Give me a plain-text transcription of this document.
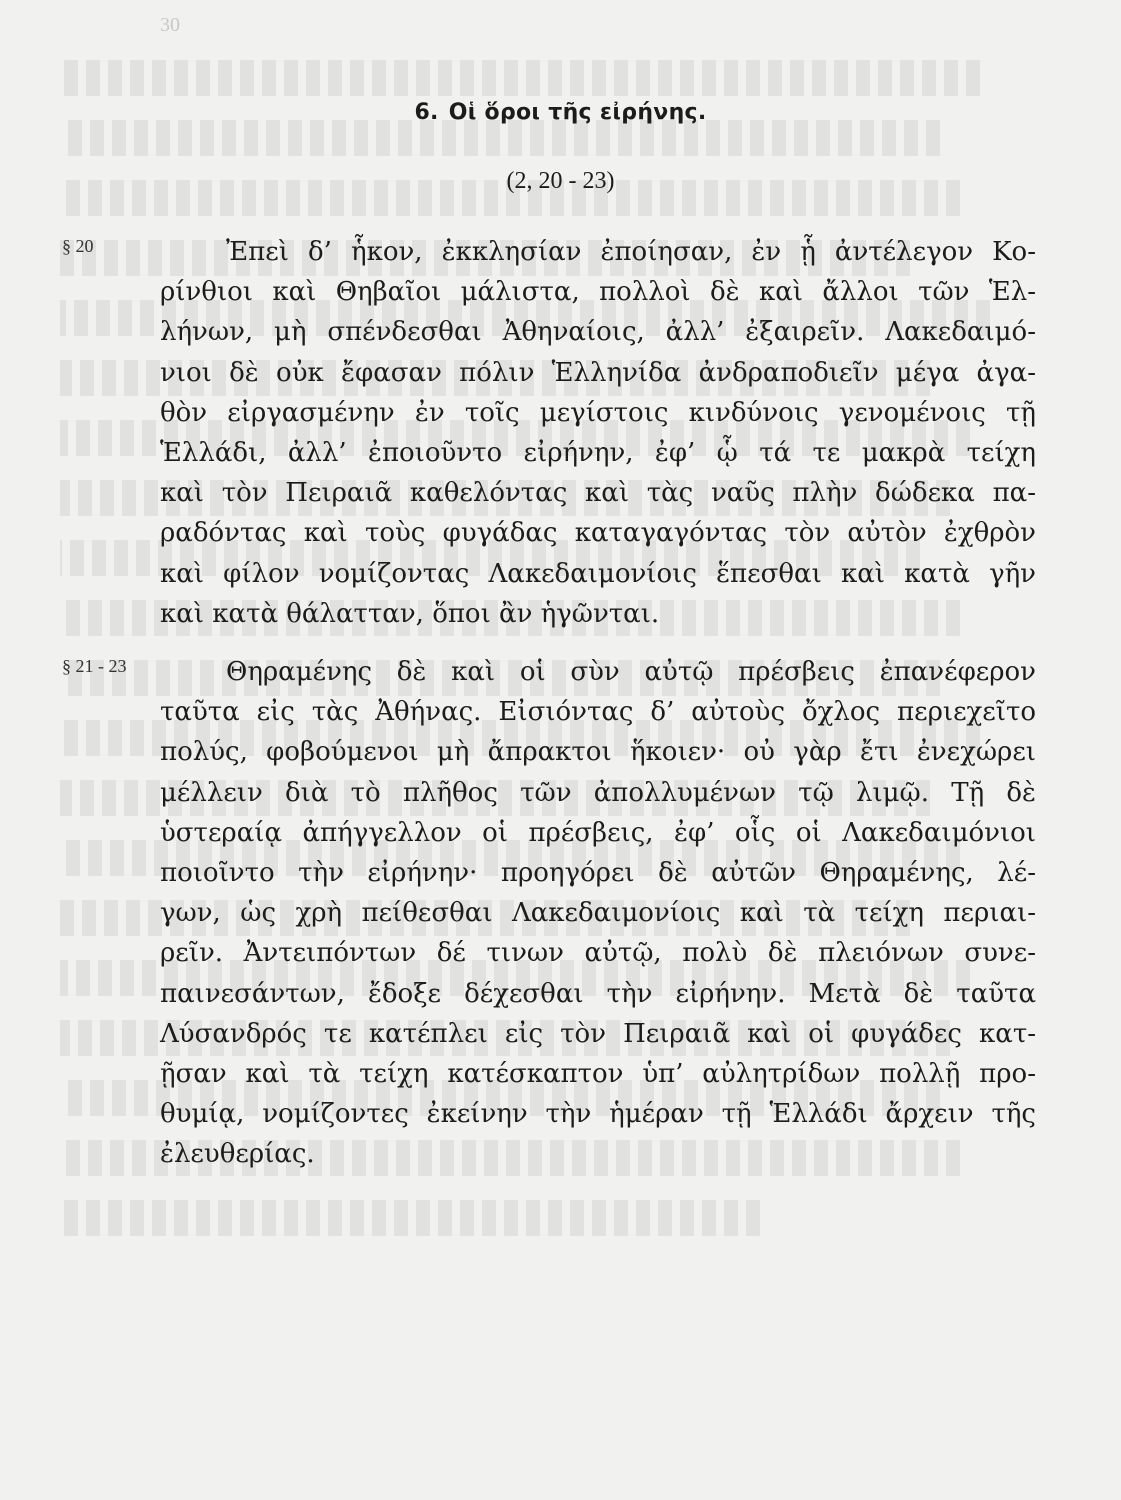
30
6. Οἱ ὅροι τῆς εἰρήνης.
(2, 20 - 23)
§ 20	Ἐπεὶ δ’ ἧκον, ἐκκλησίαν ἐποίησαν, ἐν ᾗ ἀντέλεγον Κο-
ρίνθιοι καὶ Θηβαῖοι μάλιστα, πολλοὶ δὲ καὶ ἄλλοι τῶν Ἑλ-
λήνων, μὴ σπένδεσθαι Ἀθηναίοις, ἀλλ’ ἐξαιρεῖν. Λακεδαιμό-
νιοι δὲ οὐκ ἔφασαν πόλιν Ἑλληνίδα ἀνδραποδιεῖν μέγα ἀγα-
θὸν εἰργασμένην ἐν τοῖς μεγίστοις κινδύνοις γενομένοις τῇ
Ἑλλάδι, ἀλλ’ ἐποιοῦντο εἰρήνην, ἐφ’ ᾧ τά τε μακρὰ τείχη
καὶ τὸν Πειραιᾶ καθελόντας καὶ τὰς ναῦς πλὴν δώδεκα πα-
ραδόντας καὶ τοὺς φυγάδας καταγαγόντας τὸν αὐτὸν ἐχθρὸν
καὶ φίλον νομίζοντας Λακεδαιμονίοις ἕπεσθαι καὶ κατὰ γῆν
καὶ κατὰ θάλατταν, ὅποι ἂν ἡγῶνται.
§ 21 - 23	Θηραμένης δὲ καὶ οἱ σὺν αὐτῷ πρέσβεις ἐπανέφερον
ταῦτα εἰς τὰς Ἀθήνας. Εἰσιόντας δ’ αὐτοὺς ὄχλος περιεχεῖτο
πολύς, φοβούμενοι μὴ ἄπρακτοι ἥκοιεν· οὐ γὰρ ἔτι ἐνεχώρει
μέλλειν διὰ τὸ πλῆθος τῶν ἀπολλυμένων τῷ λιμῷ. Τῇ δὲ
ὑστεραίᾳ ἀπήγγελλον οἱ πρέσβεις, ἐφ’ οἷς οἱ Λακεδαιμόνιοι
ποιοῖντο τὴν εἰρήνην· προηγόρει δὲ αὐτῶν Θηραμένης, λέ-
γων, ὡς χρὴ πείθεσθαι Λακεδαιμονίοις καὶ τὰ τείχη περιαι-
ρεῖν. Ἀντειπόντων δέ τινων αὐτῷ, πολὺ δὲ πλειόνων συνε-
παινεσάντων, ἔδοξε δέχεσθαι τὴν εἰρήνην. Μετὰ δὲ ταῦτα
Λύσανδρός τε κατέπλει εἰς τὸν Πειραιᾶ καὶ οἱ φυγάδες κατ-
ῇσαν καὶ τὰ τείχη κατέσκαπτον ὑπ’ αὐλητρίδων πολλῇ προ-
θυμίᾳ, νομίζοντες ἐκείνην τὴν ἡμέραν τῇ Ἑλλάδι ἄρχειν τῆς
ἐλευθερίας.
